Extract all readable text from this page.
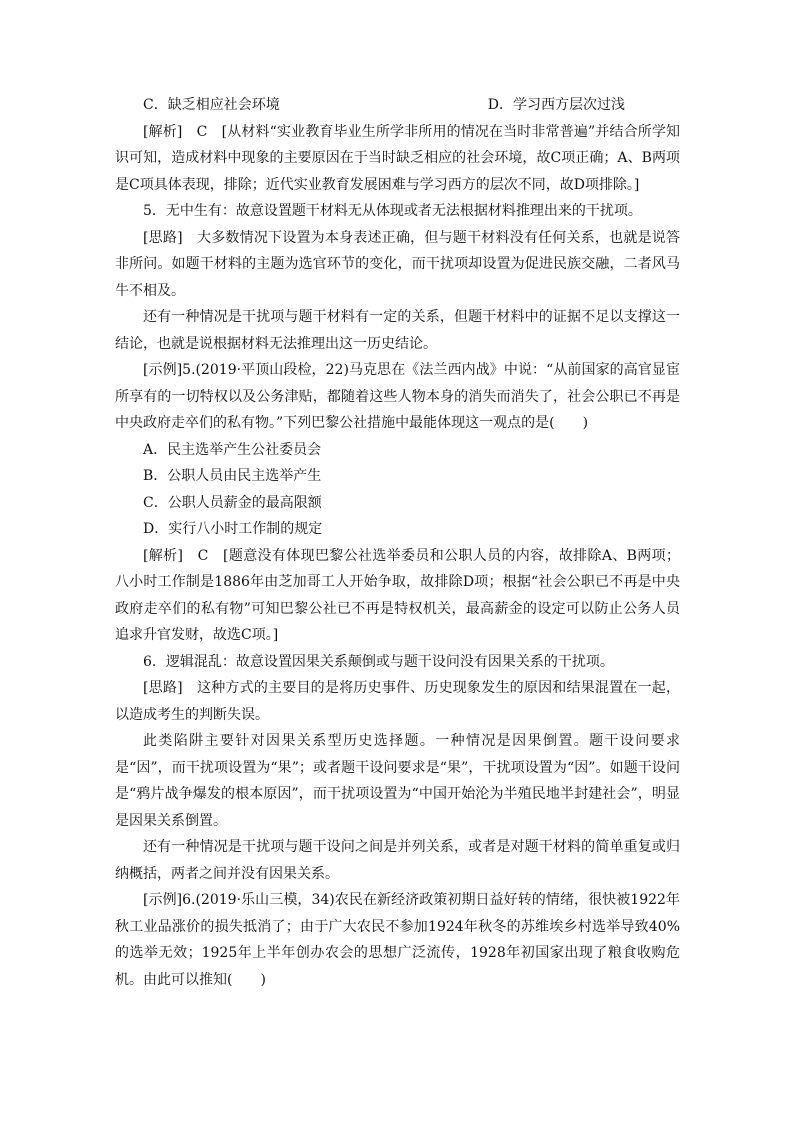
C．缺乏相应社会环境	D．学习西方层次过浅

[解析]　C　[从材料“实业教育毕业生所学非所用的情况在当时非常普遍”并结合所学知识可知，造成材料中现象的主要原因在于当时缺乏相应的社会环境，故C项正确；A、B两项是C项具体表现，排除；近代实业教育发展困难与学习西方的层次不同，故D项排除。]

5．无中生有：故意设置题干材料无从体现或者无法根据材料推理出来的干扰项。

[思路]　大多数情况下设置为本身表述正确，但与题干材料没有任何关系，也就是说答非所问。如题干材料的主题为选官环节的变化，而干扰项却设置为促进民族交融，二者风马牛不相及。

还有一种情况是干扰项与题干材料有一定的关系，但题干材料中的证据不足以支撑这一结论，也就是说根据材料无法推理出这一历史结论。

[示例]5.(2019·平顶山段检，22)马克思在《法兰西内战》中说：“从前国家的高官显宦所享有的一切特权以及公务津贴，都随着这些人物本身的消失而消失了，社会公职已不再是中央政府走卒们的私有物。”下列巴黎公社措施中最能体现这一观点的是(　　)

A．民主选举产生公社委员会

B．公职人员由民主选举产生

C．公职人员薪金的最高限额

D．实行八小时工作制的规定

[解析]　C　[题意没有体现巴黎公社选举委员和公职人员的内容，故排除A、B两项；八小时工作制是1886年由芝加哥工人开始争取，故排除D项；根据“社会公职已不再是中央政府走卒们的私有物”可知巴黎公社已不再是特权机关，最高薪金的设定可以防止公务人员追求升官发财，故选C项。]

6．逻辑混乱：故意设置因果关系颠倒或与题干设问没有因果关系的干扰项。

[思路]　这种方式的主要目的是将历史事件、历史现象发生的原因和结果混置在一起，以造成考生的判断失误。

此类陷阱主要针对因果关系型历史选择题。一种情况是因果倒置。题干设问要求是“因”，而干扰项设置为“果”；或者题干设问要求是“果”，干扰项设置为“因”。如题干设问是“鸦片战争爆发的根本原因”，而干扰项设置为“中国开始沦为半殖民地半封建社会”，明显是因果关系倒置。

还有一种情况是干扰项与题干设问之间是并列关系，或者是对题干材料的简单重复或归纳概括，两者之间并没有因果关系。

[示例]6.(2019·乐山三模，34)农民在新经济政策初期日益好转的情绪，很快被1922年秋工业品涨价的损失抵消了；由于广大农民不参加1924年秋冬的苏维埃乡村选举导致40%的选举无效；1925年上半年创办农会的思想广泛流传，1928年初国家出现了粮食收购危机。由此可以推知(　　)
